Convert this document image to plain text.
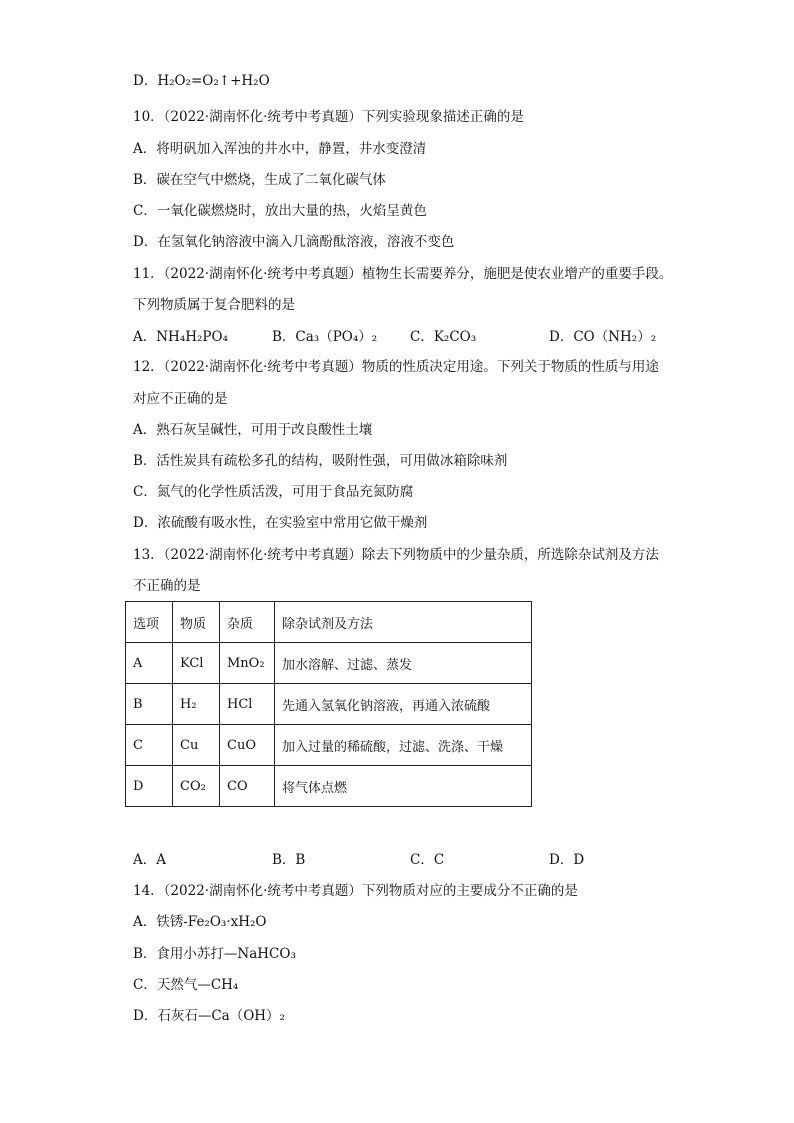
D．H₂O₂=O₂↑+H₂O
10．（2022·湖南怀化·统考中考真题）下列实验现象描述正确的是
A．将明矾加入浑浊的井水中，静置，井水变澄清
B．碳在空气中燃烧，生成了二氧化碳气体
C．一氧化碳燃烧时，放出大量的热，火焰呈黄色
D．在氢氧化钠溶液中滴入几滴酚酞溶液，溶液不变色
11．（2022·湖南怀化·统考中考真题）植物生长需要养分，施肥是使农业增产的重要手段。
下列物质属于复合肥料的是
A．NH₄H₂PO₄	B．Ca₃（PO₄）₂ C．K₂CO₃	D．CO（NH₂）₂
12．（2022·湖南怀化·统考中考真题）物质的性质决定用途。下列关于物质的性质与用途
对应不正确的是
A．熟石灰呈碱性，可用于改良酸性土壤
B．活性炭具有疏松多孔的结构，吸附性强，可用做冰箱除味剂
C．氮气的化学性质活泼，可用于食品充氮防腐
D．浓硫酸有吸水性，在实验室中常用它做干燥剂
13．（2022·湖南怀化·统考中考真题）除去下列物质中的少量杂质，所选除杂试剂及方法
不正确的是
选项	物质	杂质	除杂试剂及方法
A	KCl	MnO₂	加水溶解、过滤、蒸发
B	H₂	HCl	先通入氢氧化钠溶液，再通入浓硫酸
C	Cu	CuO	加入过量的稀硫酸，过滤、洗涤、干燥
D	CO₂	CO	将气体点燃
A．A	B．B	C．C	D．D
14．（2022·湖南怀化·统考中考真题）下列物质对应的主要成分不正确的是
A．铁锈-Fe₂O₃·xH₂O
B．食用小苏打—NaHCO₃
C．天然气—CH₄
D．石灰石—Ca（OH）₂
